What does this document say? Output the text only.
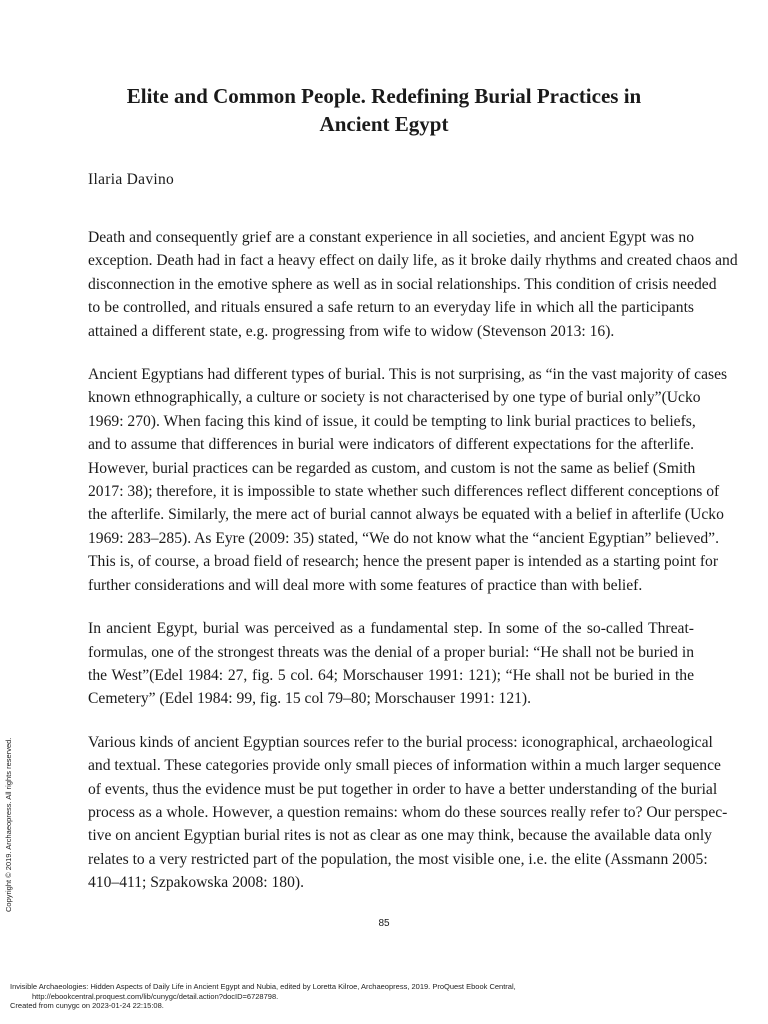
Elite and Common People. Redefining Burial Practices in
Ancient Egypt
Ilaria Davino

Death and consequently grief are a constant experience in all societies, and ancient Egypt was no
exception. Death had in fact a heavy effect on daily life, as it broke daily rhythms and created chaos and
disconnection in the emotive sphere as well as in social relationships. This condition of crisis needed
to be controlled, and rituals ensured a safe return to an everyday life in which all the participants
attained a different state, e.g. progressing from wife to widow (Stevenson 2013: 16).

Ancient Egyptians had different types of burial. This is not surprising, as “in the vast majority of cases
known ethnographically, a culture or society is not characterised by one type of burial only”(Ucko
1969: 270). When facing this kind of issue, it could be tempting to link burial practices to beliefs,
and to assume that differences in burial were indicators of different expectations for the afterlife.
However, burial practices can be regarded as custom, and custom is not the same as belief (Smith
2017: 38); therefore, it is impossible to state whether such differences reflect different conceptions of
the afterlife. Similarly, the mere act of burial cannot always be equated with a belief in afterlife (Ucko
1969: 283–285). As Eyre (2009: 35) stated, “We do not know what the “ancient Egyptian” believed”.
This is, of course, a broad field of research; hence the present paper is intended as a starting point for
further considerations and will deal more with some features of practice than with belief.

In ancient Egypt, burial was perceived as a fundamental step. In some of the so-called Threat-
formulas, one of the strongest threats was the denial of a proper burial: “He shall not be buried in
the West”(Edel 1984: 27, fig. 5 col. 64; Morschauser 1991: 121); “He shall not be buried in the
Cemetery” (Edel 1984: 99, fig. 15 col 79–80; Morschauser 1991: 121).

Various kinds of ancient Egyptian sources refer to the burial process: iconographical, archaeological
and textual. These categories provide only small pieces of information within a much larger sequence
of events, thus the evidence must be put together in order to have a better understanding of the burial
process as a whole. However, a question remains: whom do these sources really refer to? Our perspec-
tive on ancient Egyptian burial rites is not as clear as one may think, because the available data only
relates to a very restricted part of the population, the most visible one, i.e. the elite (Assmann 2005:
410–411; Szpakowska 2008: 180).

Copyright © 2019. Archaeopress. All rights reserved.
85
Invisible Archaeologies: Hidden Aspects of Daily Life in Ancient Egypt and Nubia, edited by Loretta Kilroe, Archaeopress, 2019. ProQuest Ebook Central,
http://ebookcentral.proquest.com/lib/cunygc/detail.action?docID=6728798.
Created from cunygc on 2023-01-24 22:15:08.
